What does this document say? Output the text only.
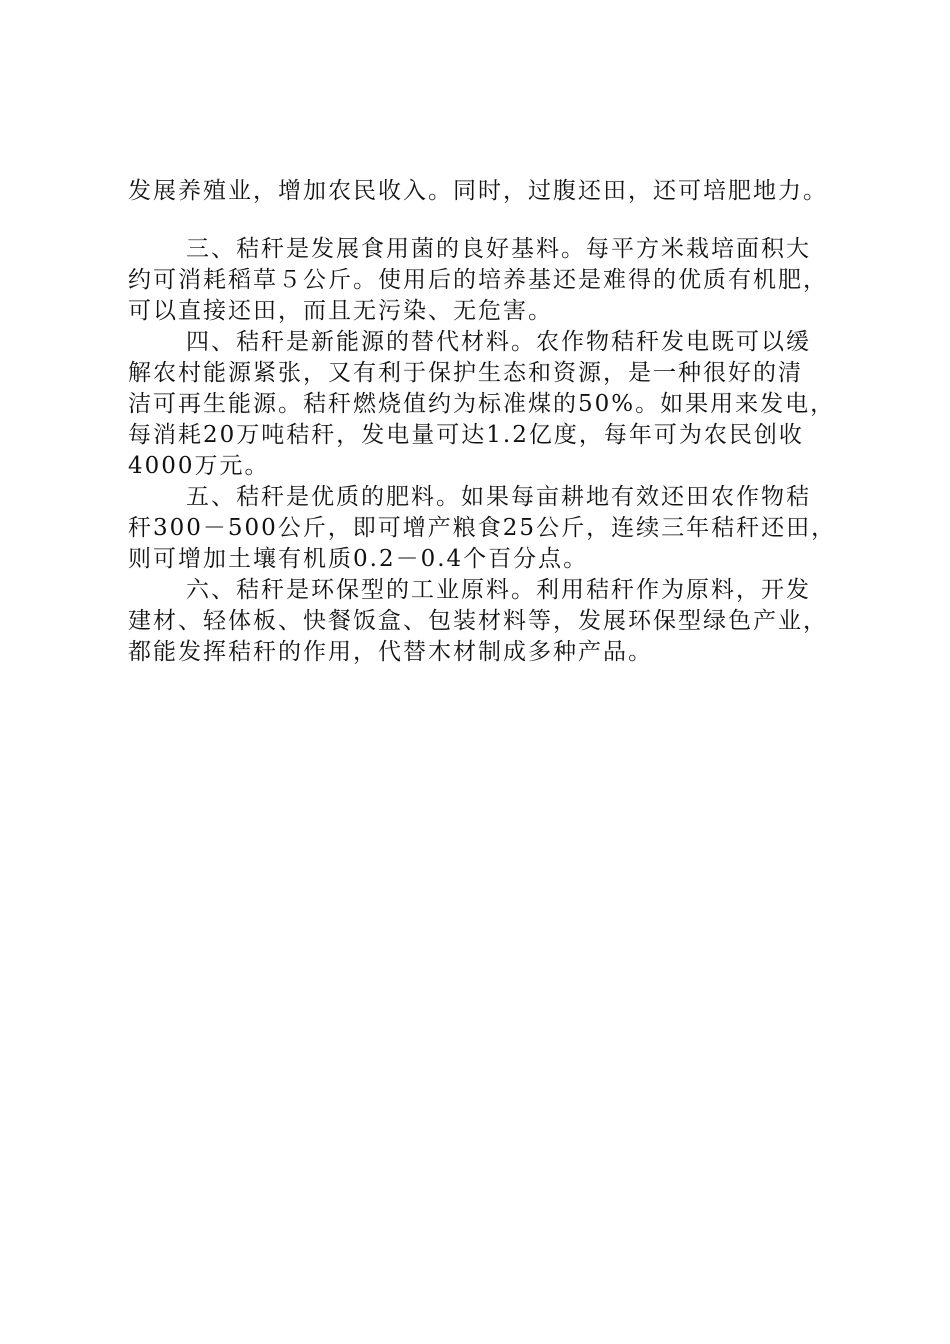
发展养殖业，增加农民收入。同时，过腹还田，还可培肥地力。
三、秸秆是发展食用菌的良好基料。每平方米栽培面积大
约可消耗稻草５公斤。使用后的培养基还是难得的优质有机肥，
可以直接还田，而且无污染、无危害。
四、秸秆是新能源的替代材料。农作物秸秆发电既可以缓
解农村能源紧张，又有利于保护生态和资源，是一种很好的清
洁可再生能源。秸秆燃烧值约为标准煤的50%。如果用来发电，
每消耗20万吨秸秆，发电量可达1.2亿度，每年可为农民创收
4000万元。
五、秸秆是优质的肥料。如果每亩耕地有效还田农作物秸
秆300－500公斤，即可增产粮食25公斤，连续三年秸秆还田，
则可增加土壤有机质0.2－0.4个百分点。
六、秸秆是环保型的工业原料。利用秸秆作为原料，开发
建材、轻体板、快餐饭盒、包装材料等，发展环保型绿色产业，
都能发挥秸秆的作用，代替木材制成多种产品。
